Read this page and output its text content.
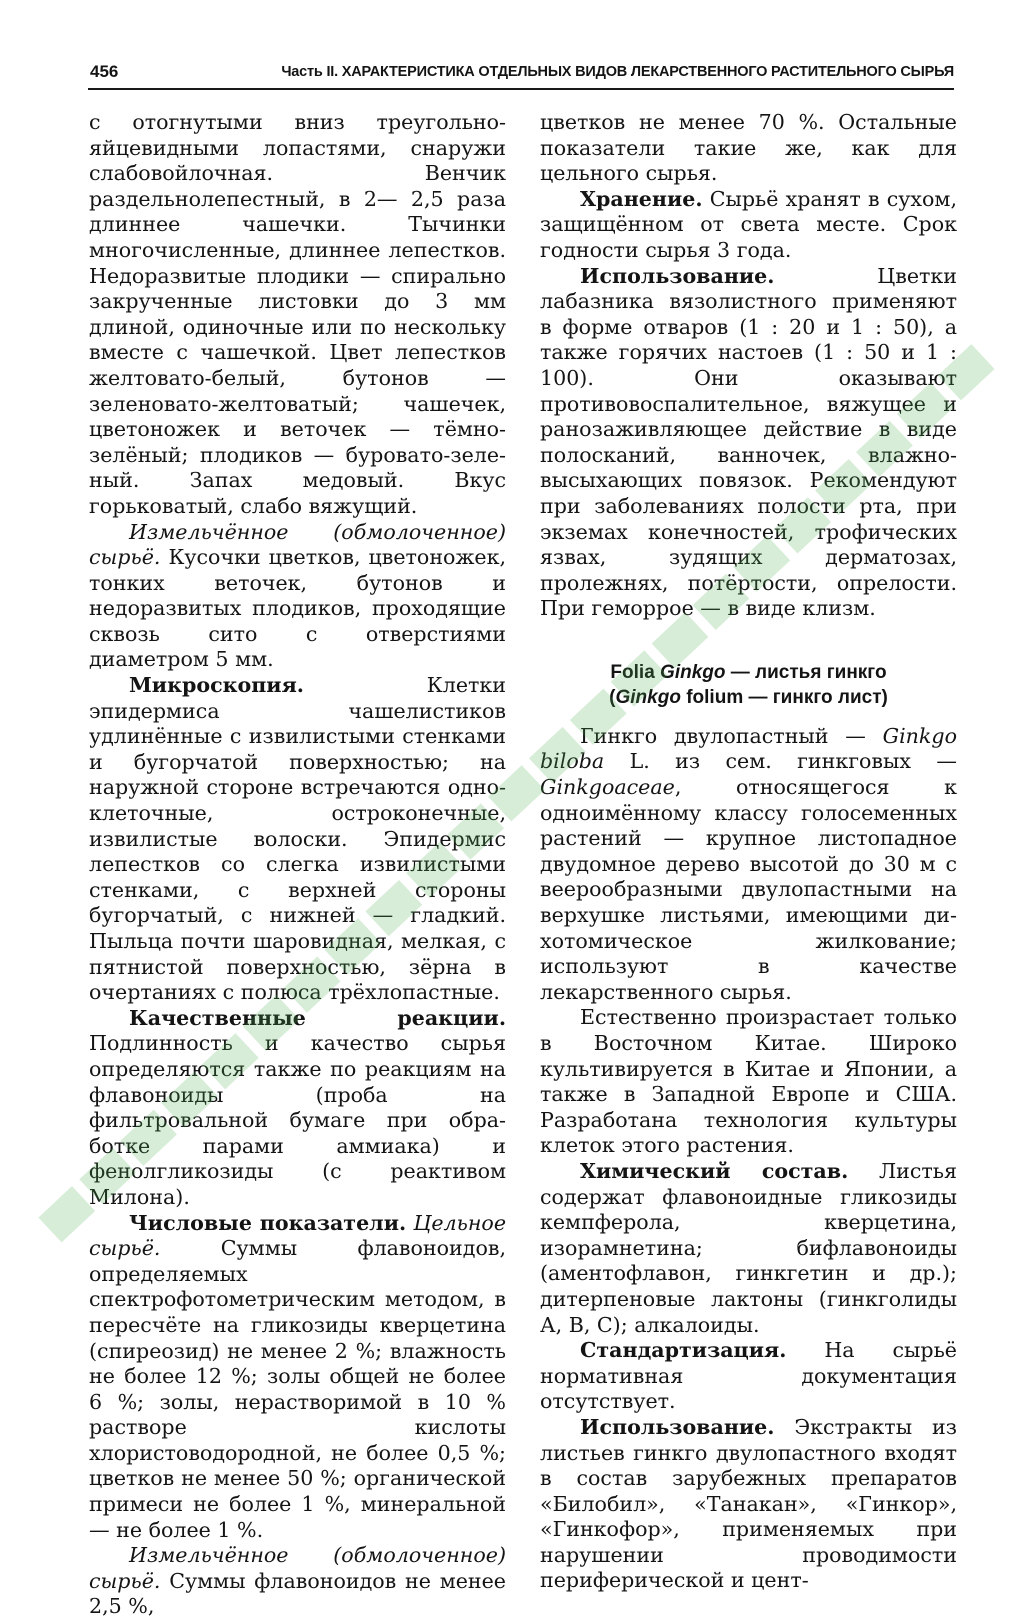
456	Часть II. ХАРАКТЕРИСТИКА ОТДЕЛЬНЫХ ВИДОВ ЛЕКАРСТВЕННОГО РАСТИТЕЛЬНОГО СЫРЬЯ

с отогнутыми вниз треугольно-яйцевидными лопастями, снаружи слабовойлочная. Венчик раздельнолепестный, в 2— 2,5 раза длиннее чашечки. Тычинки многочисленные, длиннее лепестков. Недоразвитые плодики — спирально закрученные листовки до 3 мм длиной, одиночные или по нескольку вместе с чашечкой. Цвет лепестков желтовато-белый, бутонов — зеленовато-желтоватый; чашечек, цветоножек и веточек — тёмно-зелёный; плодиков — буровато-зеленый. Запах медовый. Вкус горьковатый, слабо вяжущий.

Измельчённое (обмолоченное) сырьё. Кусочки цветков, цветоножек, тонких веточек, бутонов и недоразвитых плодиков, проходящие сквозь сито с отверстиями диаметром 5 мм.

Микроскопия. Клетки эпидермиса чашелистиков удлинённые с извилистыми стенками и бугорчатой поверхностью; на наружной стороне встречаются одноклеточные, остроконечные, извилистые волоски. Эпидермис лепестков со слегка извилистыми стенками, с верхней стороны бугорчатый, с нижней — гладкий. Пыльца почти шаровидная, мелкая, с пятнистой поверхностью, зёрна в очертаниях с полюса трёхлопастные.

Качественные реакции. Подлинность и качество сырья определяются также по реакциям на флавоноиды (проба на фильтровальной бумаге при обработке парами аммиака) и фенолгликозиды (с реактивом Милона).

Числовые показатели. Цельное сырьё. Суммы флавоноидов, определяемых спектрофотометрическим методом, в пересчёте на гликозиды кверцетина (спиреозид) не менее 2 %; влажность не более 12 %; золы общей не более 6 %; золы, нерастворимой в 10 % растворе кислоты хлористоводородной, не более 0,5 %; цветков не менее 50 %; органической примеси не более 1 %, минеральной — не более 1 %.

Измельчённое (обмолоченное) сырьё. Суммы флавоноидов не менее 2,5 %,

цветков не менее 70 %. Остальные показатели такие же, как для цельного сырья.

Хранение. Сырьё хранят в сухом, защищённом от света месте. Срок годности сырья 3 года.

Использование. Цветки лабазника вязолистного применяют в форме отваров (1 : 20 и 1 : 50), а также горячих настоев (1 : 50 и 1 : 100). Они оказывают противовоспалительное, вяжущее и ранозаживляющее действие в виде полосканий, ванночек, влажно-высыхающих повязок. Рекомендуют при заболеваниях полости рта, при экземах конечностей, трофических язвах, зудящих дерматозах, пролежнях, потёртости, опрелости. При геморрое — в виде клизм.

Folia Ginkgo — листья гинкго

(Ginkgo folium — гинкго лист)

Гинкго двулопастный — Ginkgo biloba L. из сем. гинкговых — Ginkgoaceae, относящегося к одноимённому классу голосеменных растений — крупное листопадное двудомное дерево высотой до 30 м с веерообразными двулопастными на верхушке листьями, имеющими дихотомическое жилкование; используют в качестве лекарственного сырья.

Естественно произрастает только в Восточном Китае. Широко культивируется в Китае и Японии, а также в Западной Европе и США. Разработана технология культуры клеток этого растения.

Химический состав. Листья содержат флавоноидные гликозиды кемпферола, кверцетина, изорамнетина; бифлавоноиды (аментофлавон, гинкгетин и др.); дитерпеновые лактоны (гинкголиды А, В, С); алкалоиды.

Стандартизация. На сырьё нормативная документация отсутствует.

Использование. Экстракты из листьев гинкго двулопастного входят в состав зарубежных препаратов «Билобил», «Танакан», «Гинкор», «Гинкофор», применяемых при нарушении проводимости периферической и цент-
